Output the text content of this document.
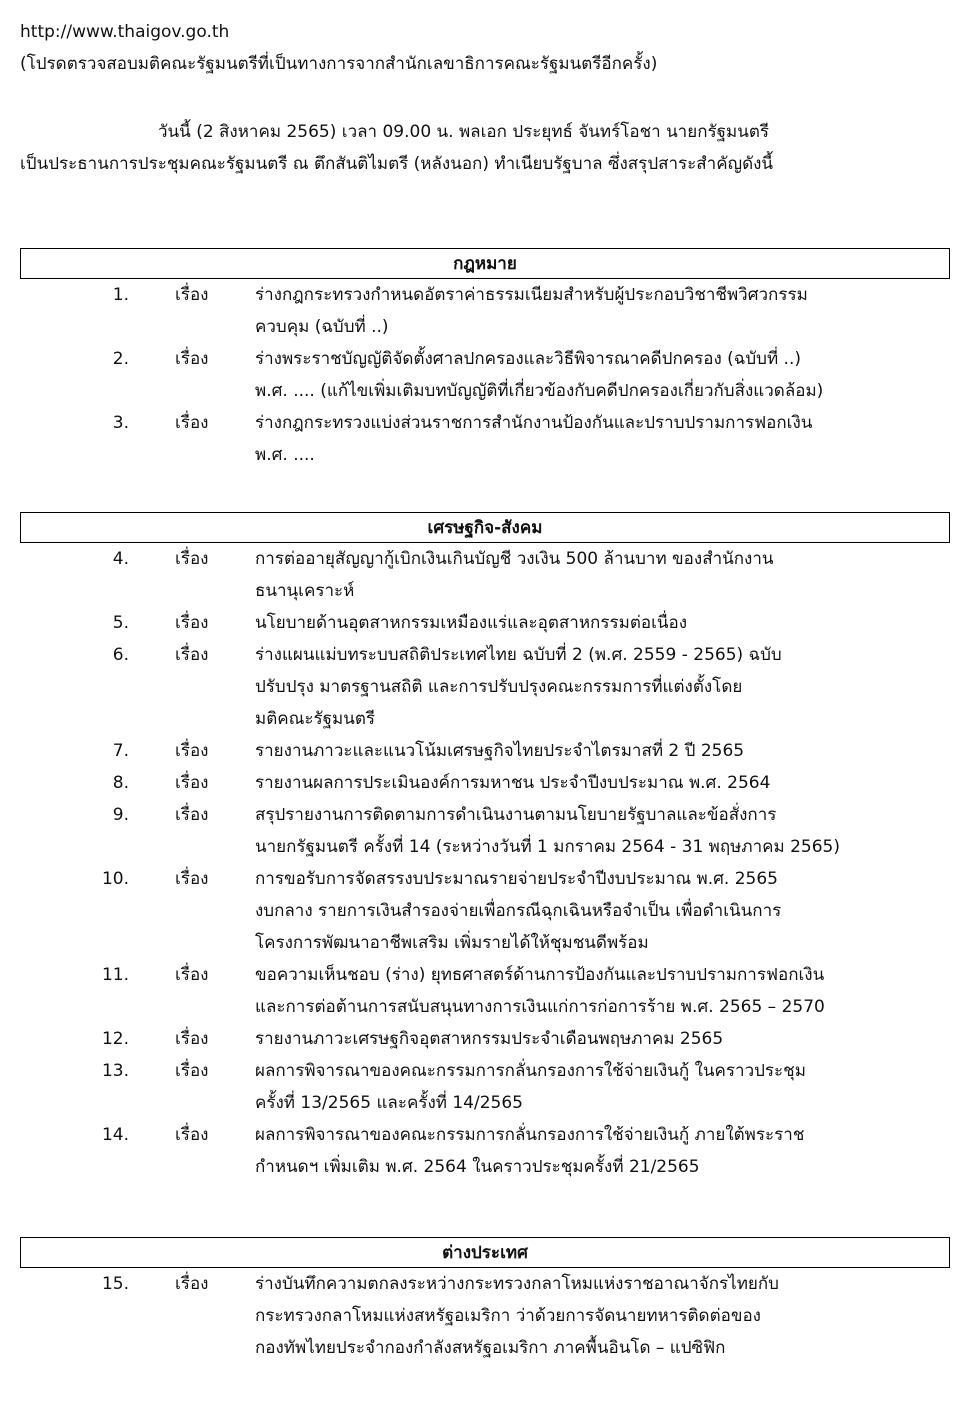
http://www.thaigov.go.th
(โปรดตรวจสอบมติคณะรัฐมนตรีที่เป็นทางการจากสำนักเลขาธิการคณะรัฐมนตรีอีกครั้ง)
วันนี้ (2 สิงหาคม 2565) เวลา 09.00 น. พลเอก ประยุทธ์ จันทร์โอชา นายกรัฐมนตรี
เป็นประธานการประชุมคณะรัฐมนตรี ณ ตึกสันติไมตรี (หลังนอก) ทำเนียบรัฐบาล ซึ่งสรุปสาระสำคัญดังนี้
กฎหมาย
1.	เรื่อง	ร่างกฎกระทรวงกำหนดอัตราค่าธรรมเนียมสำหรับผู้ประกอบวิชาชีพวิศวกรรม
ควบคุม (ฉบับที่ ..)
2.	เรื่อง	ร่างพระราชบัญญัติจัดตั้งศาลปกครองและวิธีพิจารณาคดีปกครอง (ฉบับที่ ..)
พ.ศ. .... (แก้ไขเพิ่มเติมบทบัญญัติที่เกี่ยวข้องกับคดีปกครองเกี่ยวกับสิ่งแวดล้อม)
3.	เรื่อง	ร่างกฎกระทรวงแบ่งส่วนราชการสำนักงานป้องกันและปราบปรามการฟอกเงิน
พ.ศ. ....
เศรษฐกิจ-สังคม
4.	เรื่อง	การต่ออายุสัญญากู้เบิกเงินเกินบัญชี วงเงิน 500 ล้านบาท ของสำนักงาน
ธนานุเคราะห์
5.	เรื่อง	นโยบายด้านอุตสาหกรรมเหมืองแร่และอุตสาหกรรมต่อเนื่อง
6.	เรื่อง	ร่างแผนแม่บทระบบสถิติประเทศไทย ฉบับที่ 2 (พ.ศ. 2559 - 2565) ฉบับ
ปรับปรุง มาตรฐานสถิติ และการปรับปรุงคณะกรรมการที่แต่งตั้งโดย
มติคณะรัฐมนตรี
7.	เรื่อง	รายงานภาวะและแนวโน้มเศรษฐกิจไทยประจำไตรมาสที่ 2 ปี 2565
8.	เรื่อง	รายงานผลการประเมินองค์การมหาชน ประจำปีงบประมาณ พ.ศ. 2564
9.	เรื่อง	สรุปรายงานการติดตามการดำเนินงานตามนโยบายรัฐบาลและข้อสั่งการ
นายกรัฐมนตรี ครั้งที่ 14 (ระหว่างวันที่ 1 มกราคม 2564 - 31 พฤษภาคม 2565)
10.	เรื่อง	การขอรับการจัดสรรงบประมาณรายจ่ายประจำปีงบประมาณ พ.ศ. 2565
งบกลาง รายการเงินสำรองจ่ายเพื่อกรณีฉุกเฉินหรือจำเป็น เพื่อดำเนินการ
โครงการพัฒนาอาชีพเสริม เพิ่มรายได้ให้ชุมชนดีพร้อม
11.	เรื่อง	ขอความเห็นชอบ (ร่าง) ยุทธศาสตร์ด้านการป้องกันและปราบปรามการฟอกเงิน
และการต่อต้านการสนับสนุนทางการเงินแก่การก่อการร้าย พ.ศ. 2565 – 2570
12.	เรื่อง	รายงานภาวะเศรษฐกิจอุตสาหกรรมประจำเดือนพฤษภาคม 2565
13.	เรื่อง	ผลการพิจารณาของคณะกรรมการกลั่นกรองการใช้จ่ายเงินกู้ ในคราวประชุม
ครั้งที่ 13/2565 และครั้งที่ 14/2565
14.	เรื่อง	ผลการพิจารณาของคณะกรรมการกลั่นกรองการใช้จ่ายเงินกู้ ภายใต้พระราช
กำหนดฯ เพิ่มเติม พ.ศ. 2564 ในคราวประชุมครั้งที่ 21/2565
ต่างประเทศ
15.	เรื่อง	ร่างบันทึกความตกลงระหว่างกระทรวงกลาโหมแห่งราชอาณาจักรไทยกับ
กระทรวงกลาโหมแห่งสหรัฐอเมริกา ว่าด้วยการจัดนายทหารติดต่อของ
กองทัพไทยประจำกองกำลังสหรัฐอเมริกา ภาคพื้นอินโด – แปซิฟิก
